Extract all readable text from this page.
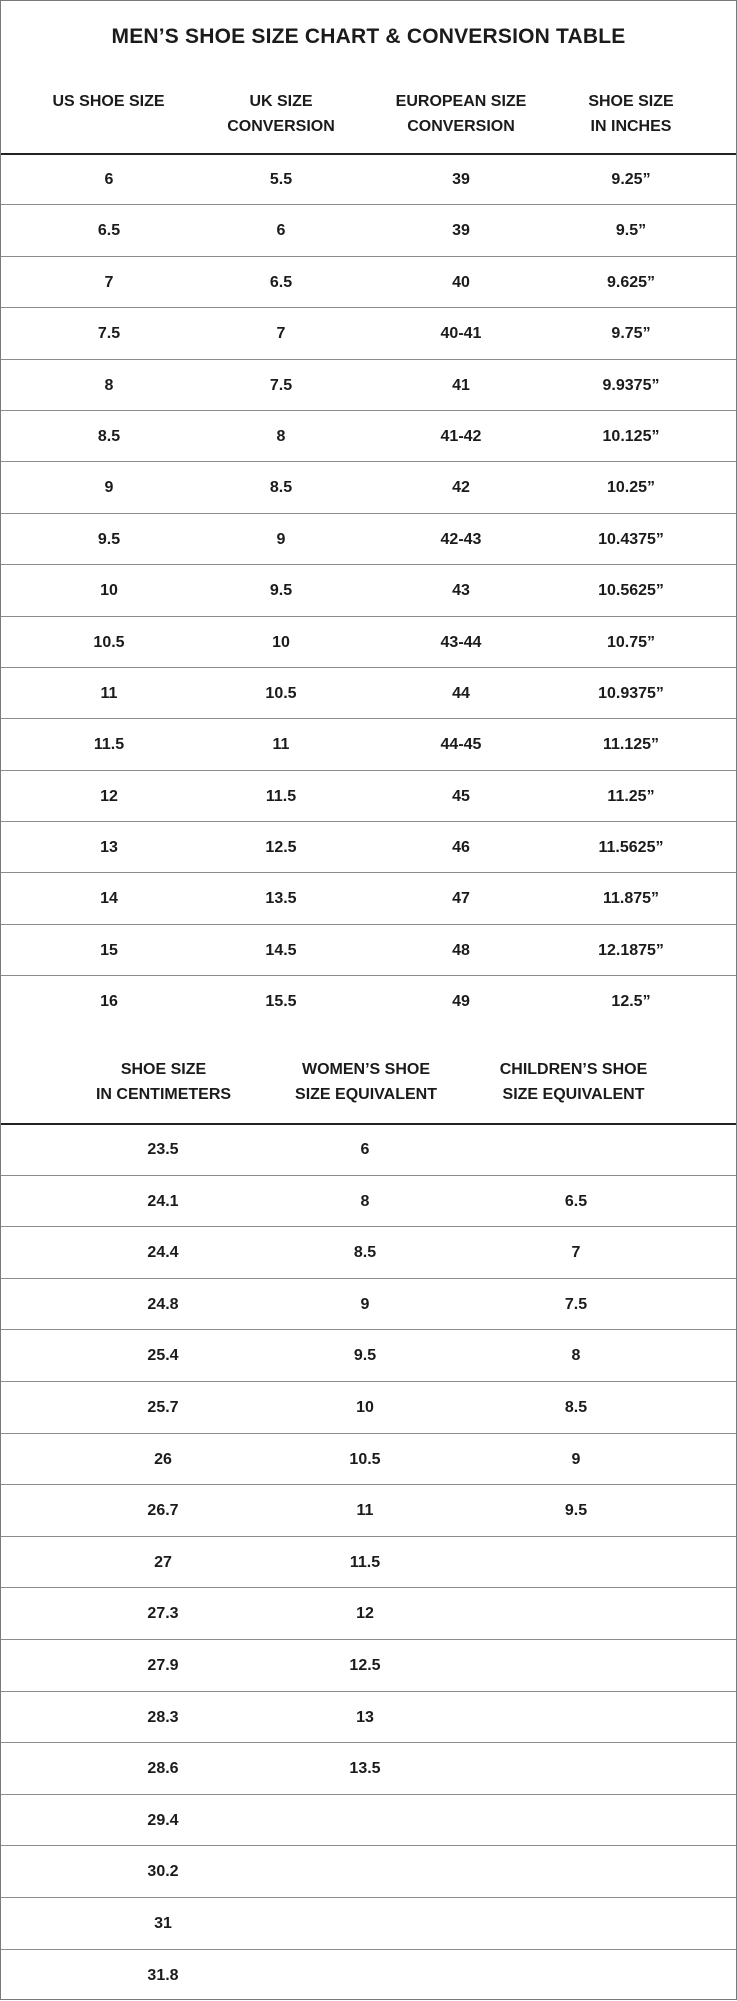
MEN’S SHOE SIZE CHART & CONVERSION TABLE
US SHOE SIZE	UK SIZE
CONVERSION
EUROPEAN SIZE
CONVERSION
SHOE SIZE
IN INCHES
6	5.5	39	9.25”
6.5	6	39	9.5”
7	6.5	40	9.625”
7.5	7	40-41	9.75”
8	7.5	41	9.9375”
8.5	8	41-42	10.125”
9	8.5	42	10.25”
9.5	9	42-43	10.4375”
10	9.5	43	10.5625”
10.5	10	43-44	10.75”
11	10.5	44	10.9375”
11.5	11	44-45	11.125”
12	11.5	45	11.25”
13	12.5	46	11.5625”
14	13.5	47	11.875”
15	14.5	48	12.1875”
16	15.5	49	12.5”
SHOE SIZE
IN CENTIMETERS
WOMEN’S SHOE
SIZE EQUIVALENT
CHILDREN’S SHOE
SIZE EQUIVALENT
23.5	6
24.1	8	6.5
24.4	8.5	7
24.8	9	7.5
25.4	9.5	8
25.7	10	8.5
26	10.5	9
26.7	11	9.5
27	11.5
27.3	12
27.9	12.5
28.3	13
28.6	13.5
29.4
30.2
31
31.8
